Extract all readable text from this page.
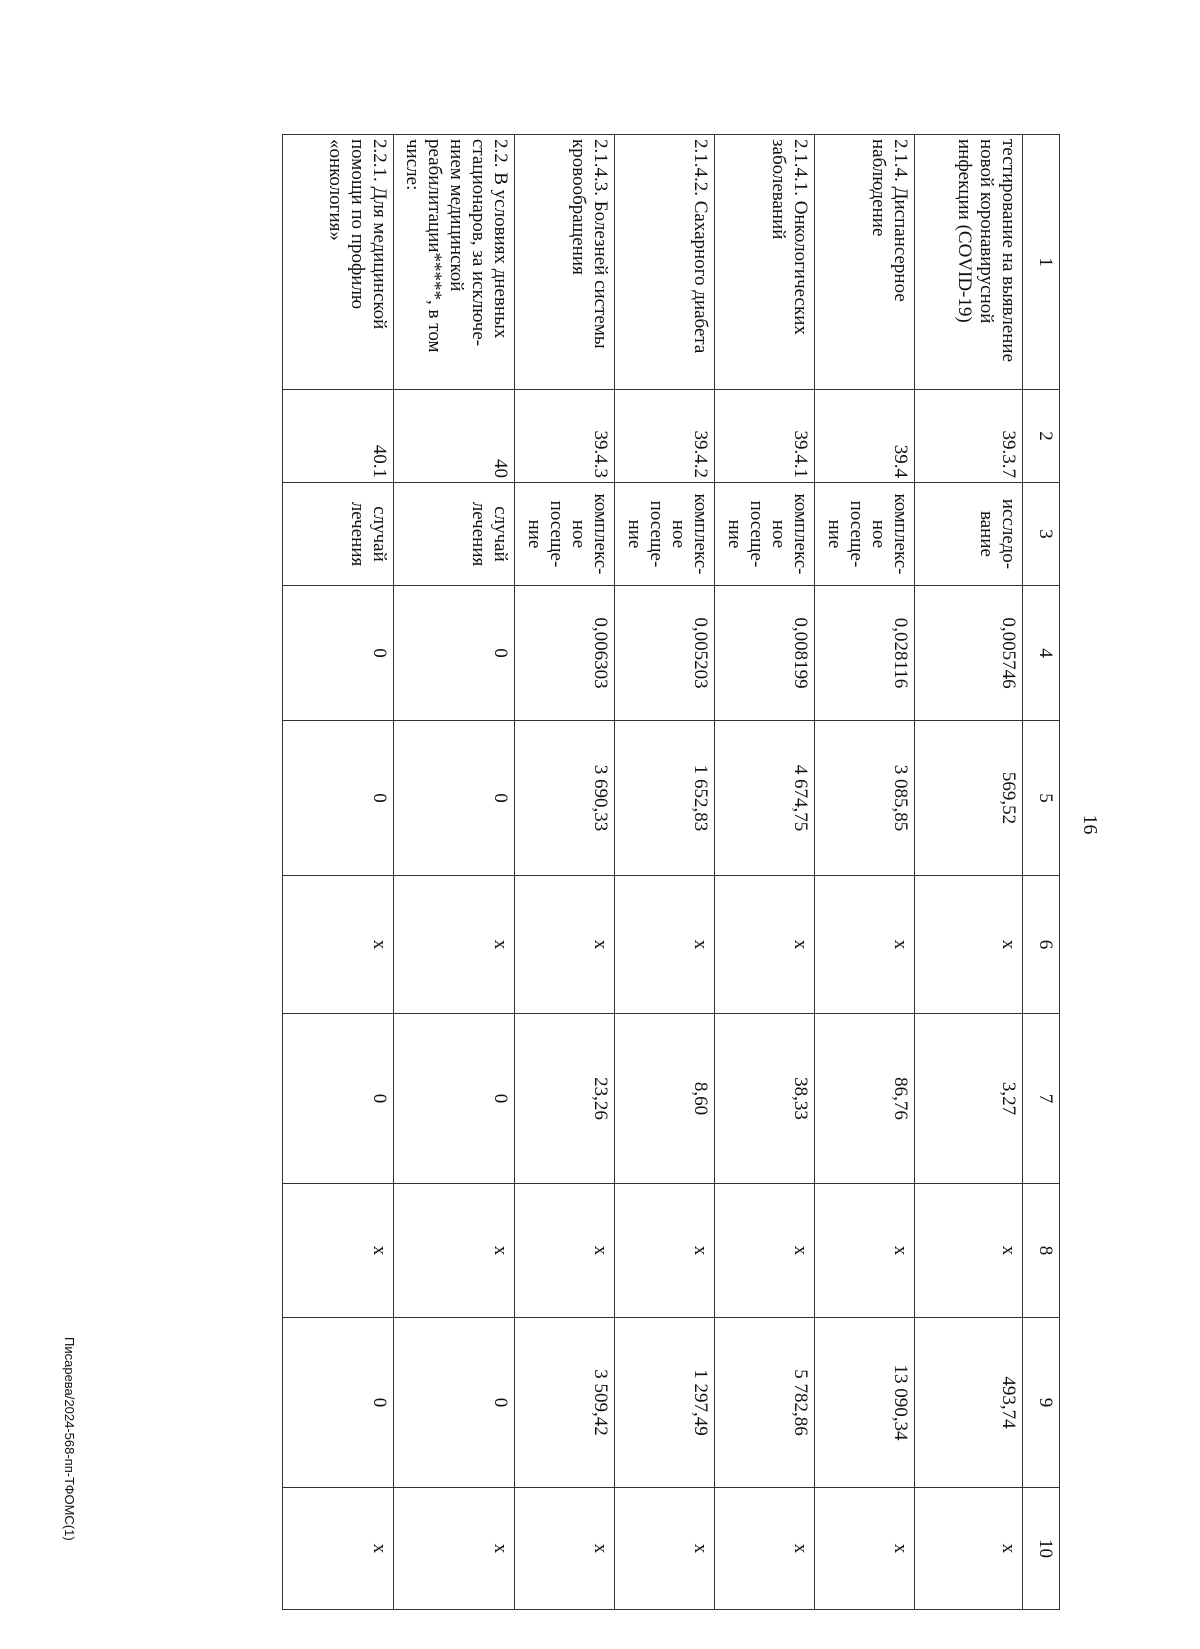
16
1	2	3	4	5	6	7	8	9	10
тестирование на выявление новой коронавирусной инфекции (COVID-19)	39.3.7	исследо-вание	0,005746	569,52	х	3,27	х	493,74	х
2.1.4. Диспансерное наблюдение	39.4	комплекс-ное посеще-ние	0,028116	3 085,85	х	86,76	х	13 090,34	х
2.1.4.1. Онкологических заболеваний	39.4.1	комплекс-ное посеще-ние	0,008199	4 674,75	х	38,33	х	5 782,86	х
2.1.4.2. Сахарного диабета	39.4.2	комплекс-ное посеще-ние	0,005203	1 652,83	х	8,60	х	1 297,49	х
2.1.4.3. Болезней системы кровообращения	39.4.3	комплекс-ное посеще-ние	0,006303	3 690,33	х	23,26	х	3 509,42	х
2.2. В условиях дневных стационаров, за исключе-нием медицинской реабилитации*****, в том числе:	40	случай лечения	0	0	х	0	х	0	х
2.2.1. Для медицинской помощи по профилю «онкология»	40.1	случай лечения	0	0	х	0	х	0	х
Писарева/2024-568-пп-ТФОМС(1)
